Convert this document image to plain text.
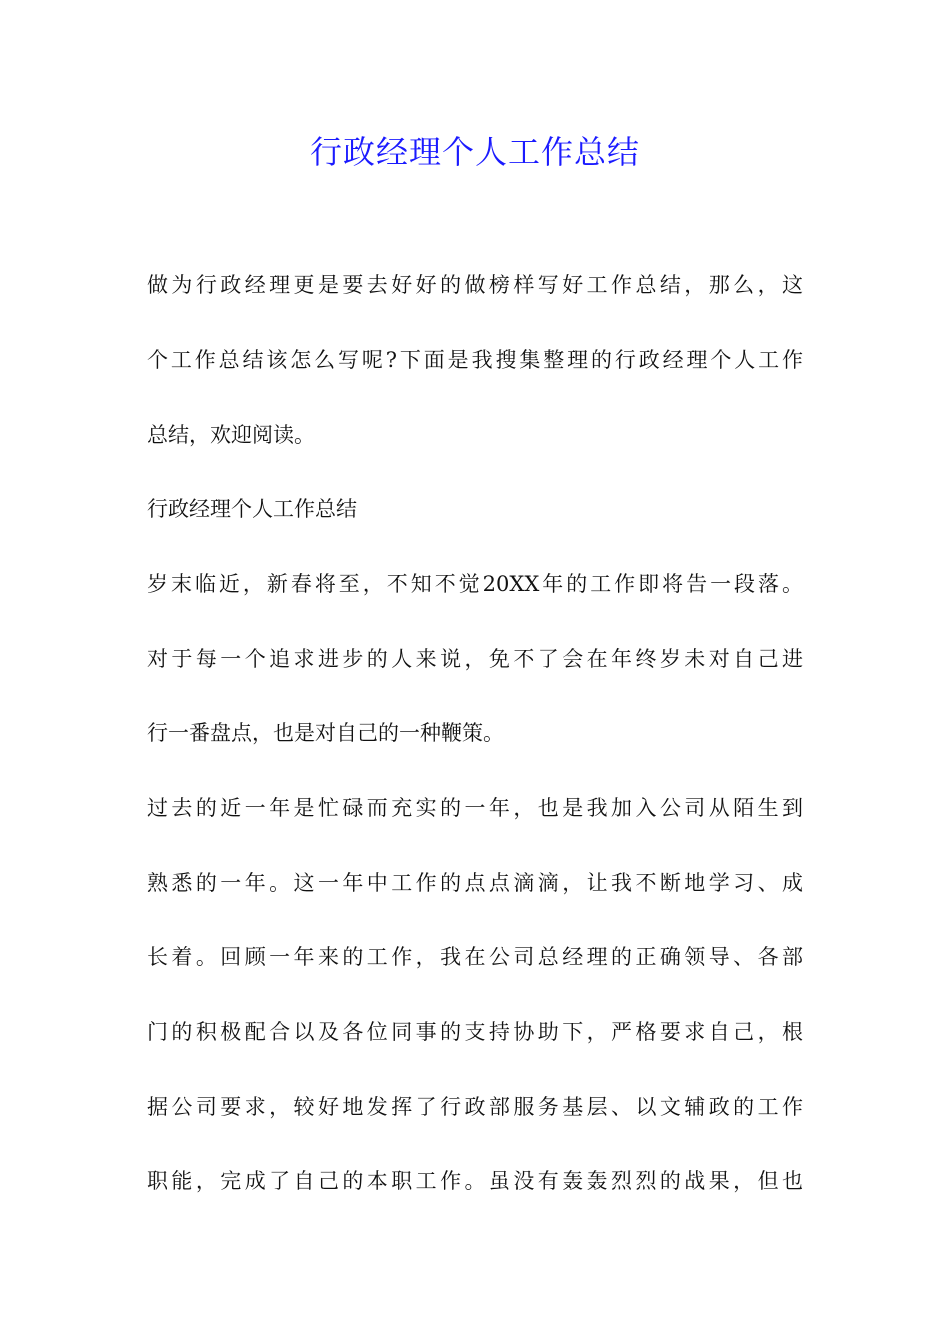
行政经理个人工作总结
做为行政经理更是要去好好的做榜样写好工作总结，那么，这
个工作总结该怎么写呢?下面是我搜集整理的行政经理个人工作
总结，欢迎阅读。
行政经理个人工作总结
岁末临近，新春将至，不知不觉20XX年的工作即将告一段落。
对于每一个追求进步的人来说，免不了会在年终岁未对自己进
行一番盘点，也是对自己的一种鞭策。
过去的近一年是忙碌而充实的一年，也是我加入公司从陌生到
熟悉的一年。这一年中工作的点点滴滴，让我不断地学习、成
长着。回顾一年来的工作，我在公司总经理的正确领导、各部
门的积极配合以及各位同事的支持协助下，严格要求自己，根
据公司要求，较好地发挥了行政部服务基层、以文辅政的工作
职能，完成了自己的本职工作。虽没有轰轰烈烈的战果，但也
